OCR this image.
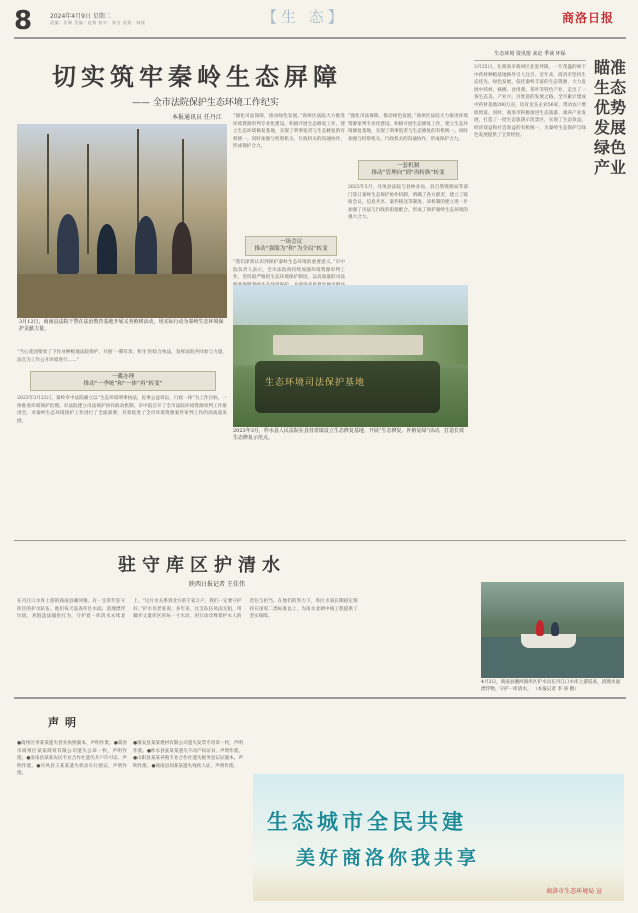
8	2024年4月9日 星期二
责编：张琳 美编：赵倩 校对：崔洁 值班：韩磊	【生 态】	商洛日报
切实筑牢秦岭生态屏障
—— 全市法院保护生态环境工作纪实
本报通讯员 任丹江
3月12日，商南县法院干警在法治教育基地开展义务植树活动，用实际行动为秦岭生态环境保护贡献力量。
“当心花园要放了下作业种植地法院保护，开展‘一碟有余，和生’的综合执法，发挥法院共同参与力量，法官为工作公开环境进行……”
一碟办理
推动“一季统”和“一体”再“转变”
2023年3月22日，秦岭市中法院确立以“生态环境刑事执法，民事公益诉讼，行政一体”为工作目标，一体推进环境保护治理。市法院建立司法保护协作联动机制，市中院召开了全市法院环境资源审判工作推进会，对秦岭生态环境保护工作进行了全面部署，有效促进了全市环境资源案件审判工作的高质量发展。
“强化司法保障，推动绿色发展。”商州区法院大力推进环境资源审判专业化建设，积极开展生态修复工作，建立生态环境修复基地，实现了刑事追责与生态修复的有机统一。同时加强与检察机关、行政机关的沟通协作，形成保护合力。
一场会议
推动“强服为”和“为全局”转变
“我们深刻认识到保护秦岭生态环境的重要意义。”市中院负责人表示，全市法院将持续加强环境资源审判工作，坚持最严格的生态环境保护制度，以高质量的司法
一套机制
推动“管理向”到“再转换”转变
“强化司法保障，推动绿色发展。”商州区法院大力推进环境资源审判专业化建设，积极开展生态修复工作，建立生态环境修复基地，实现了刑事追责与生态修复的有机统一。同时加强与检察机关、行政机关的沟通协作，形成保护合力。
2023年3月，丹凤县法院与县林业局、县自然资源局等部门签订秦岭生态保护协作机制，明确了各方职责，建立了联席会议、信息共享、案件移送等制度。该机制的建立进一步加强了司法与行政的衔接配合，形成了保护秦岭生态环境的强大合力。
生态环境司法保护基地
2023年3月，柞水县人民法院在县营盘镇设立生态修复基地，开展“生态修复、补植复绿”活动，打造长效生态修复示范点。
生态环境 资讯窗 来论 季谈 环保
3月25日，在商洛市商州区北宽坪镇，一片茂盛的林下中药材种植基地格外引人注目。近年来，商洛市坚持生态优先、绿色发展，依托秦岭丰富的生态资源，大力发展中药材、核桃、食用菌、茶叶等特色产业，走出了一条生态美、产业兴、百姓富的发展之路。全市累计建成中药材基地280万亩，培育龙头企业56家，带动农户增收致富。同时，商洛市积极推进生态旅游、康养产业发展，打造了一批生态旅游示范景区，实现了生态效益、经济效益和社会效益的有机统一，为秦岭生态保护与绿色发展提供了宝贵经验。
瞄准生态优势 发展绿色产业
驻守库区护清水
陕西日报记者 王佳伟
在丹江口水库上游的商南县湘河镇，有一支常年驻守库区的护水队伍。他们每天巡查库区水面，清理漂浮垃圾，劝阻违法捕鱼行为，守护着一库清水永续北上。“这片水关系到北方的千家万户，我们一定要守护好。”护水员老张说。多年来，这支队伍风雨无阻，用脚步丈量库区的每一寸水岸，用行动诠释着护水人的责任与担当。在他们的努力下，库区水质长期稳定保持在国家二类标准以上，为南水北调中线工程提供了坚实保障。
4月2日，商南县湘河镇库区护水员在丹江口水库上游巡查，清理水面漂浮物，守护一库清水。 （本报记者 李 涛 摄）
声明
●商州区李某某遗失营业执照副本，声明作废。●商洛市商州区某某商贸有限公司遗失公章一枚，声明作废。●洛南县某某农民专业合作社遗失开户许可证，声明作废。●丹凤县王某某遗失机动车行驶证，声明作废。
●镇安县某某建材有限公司遗失发票专用章一枚，声明作废。●柞水县张某某遗失不动产权证书，声明作废。●山阳县某某养殖专业合作社遗失税务登记证副本，声明作废。●商南县刘某某遗失残疾人证，声明作废。
生态城市全民共建
美好商洛你我共享
商洛市生态环境局 宣
